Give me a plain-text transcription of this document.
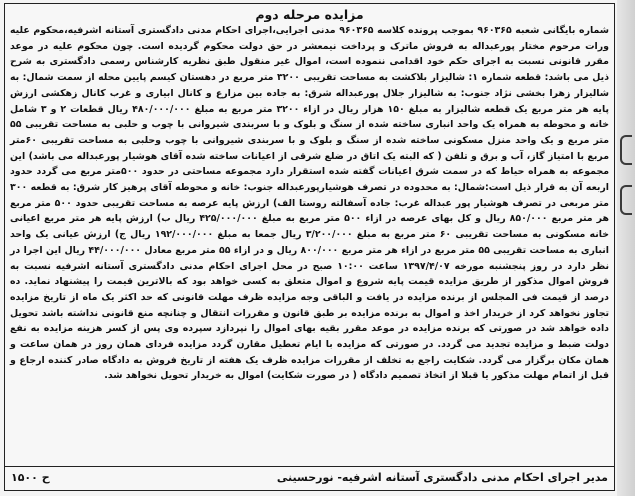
مزایده مرحله دوم
شماره بایگانی شعبه ۹۶۰۳۶۵ بموجب پرونده کلاسه ۹۶۰۳۶۵ مدنی اجرایی،اجرای احکام مدنی دادگستری آستانه اشرفیه،محکوم علیه ورات مرحوم مختار پورعبداله به فروش ماترک و پرداخت نیمعشر در حق دولت محکوم گردیده است. چون محکوم علیه در موعد مقرر قانونی نسبت به اجرای حکم خود اقدامی ننموده است، اموال غیر منقول طبق نظریه کارشناس رسمی دادگستری به شرح ذیل می باشد: قطعه شماره ۱: شالیزار بلاکشت به مساحت تقریبی ۳۲۰۰ متر مربع در دهستان کیسم پایین محله از سمت شمال: به شالیزار زهرا بخشی نژاد جنوب: به شالیزار جلال پورعبداله شرق: به جاده بین مزارع و کانال ابیاری و غرب کانال زهکشی ارزش پایه هر متر مربع یک قطعه شالیزار به مبلغ ۱۵۰ هزار ریال در ازاء ۳۲۰۰ متر مربع به مبلغ ۴۸۰/۰۰۰/۰۰۰ ریال قطعات ۲ و ۳ شامل خانه و محوطه به همراه یک واحد انباری ساخته شده از سنگ و بلوک و با سربندی شیروانی با چوب و حلبی به مساحت تقریبی ۵۵ متر مربع و یک واحد منزل مسکونی ساخته شده از سنگ و بلوک و با سربندی شیروانی با چوب وحلبی به مساحت تقریبی ۶۰متر مربع با امتیاز گاز، آب و برق و تلفن ( که البته یک اتاق در ضلع شرقی از اعیانات ساخته شده آقای هوشیار پورعبداله می باشد) این مجموعه به همراه حیاط که در سمت شرق اعیانات گفته شده استقرار دارد مجموعه مساحتی در حدود ۵۰۰متر مربع می گردد حدود اربعه آن به قرار ذیل است:شمال: به محدوده در تصرف هوشیارپورعبداله جنوب: خانه و محوطه آقای پرهیز کار شرق: به قطعه ۳۰۰ متر مربعی در تصرف هوشیار پور عبداله غرب: جاده آسفالته روستا الف) ارزش پایه عرصه به مساحت تقریبی حدود ۵۰۰ متر مربع هر متر مربع ۸۵۰/۰۰۰ ریال و کل بهای عرصه در ازاء ۵۰۰ متر مربع به مبلغ ۴۲۵/۰۰۰/۰۰۰ ریال ب) ارزش پایه هر متر مربع اعیانی خانه مسکونی به مساحت تقریبی ۶۰ متر مربع به مبلغ ۳/۲۰۰/۰۰۰ ریال جمعا به مبلغ ۱۹۲/۰۰۰/۰۰۰ ریال ج) ارزش عیانی یک واحد انباری به مساحت تقریبی ۵۵ متر مربع در ازاء هر متر مربع ۸۰۰/۰۰۰ ریال و در ازاء ۵۵ متر مربع معادل ۴۴/۰۰۰/۰۰۰ ریال این اجرا در نظر دارد در روز پنجشنبه مورخه ۱۳۹۷/۴/۰۷ ساعت ۱۰:۰۰ صبح در محل اجرای احکام مدنی دادگستری آستانه اشرفیه نسبت به فروش اموال مذکور از طریق مزایده قیمت پایه شروع و اموال متعلق به کسی خواهد بود که بالاترین قیمت را پیشنهاد نماید. ده درصد از قیمت فی المجلس از برنده مزایده در یافت و الباقی وجه مزایده ظرف مهلت قانونی که حد اکثر یک ماه از تاریخ مزایده تجاوز نخواهد کرد از خریدار اخذ و اموال به برنده مزایده بر طبق قانون و مقررات انتقال و چنانچه منع قانونی نداشته باشد تحویل داده خواهد شد در صورتی که برنده مزایده در موعد مقرر بقیه بهای اموال را نپردازد سپرده وی پس از کسر هزینه مزایده به نفع دولت ضبط و مزایده تجدید می گردد. در صورتی که مزایده با ایام تعطیل مقارن گردد مزایده فردای همان روز در همان ساعت و همان مکان برگزار می گردد. شکایت راجع به تخلف از مقررات مزایده ظرف یک هفته از تاریخ فروش به دادگاه صادر کننده ارجاع و قبل از اتمام مهلت مذکور یا قبلا از اتخاذ تصمیم دادگاه ( در صورت شکایت) اموال به خریدار تحویل نخواهد شد.
مدیر اجرای احکام مدنی دادگستری آستانه اشرفیه- نورحسینی
ح ۱۵۰۰
